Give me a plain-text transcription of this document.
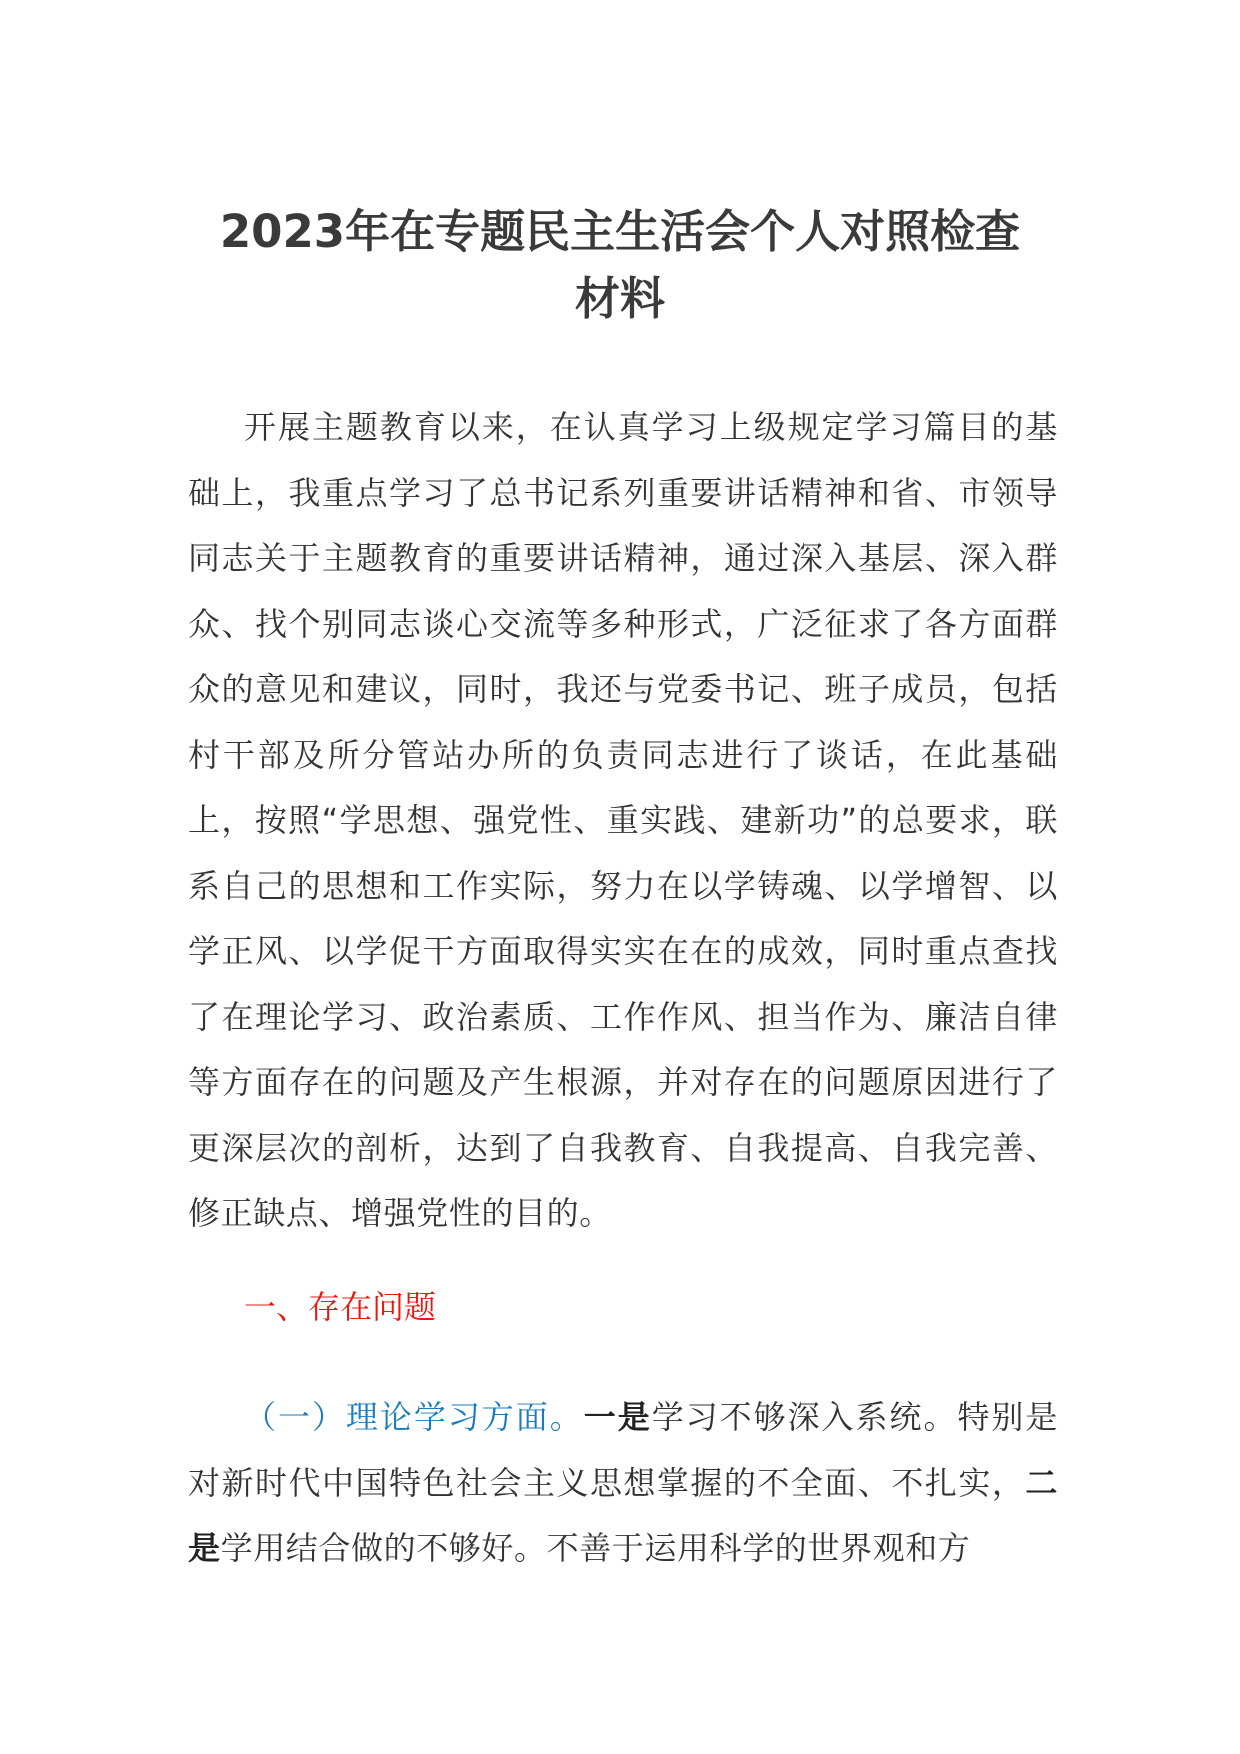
2023年在专题民主生活会个人对照检查
材料

开展主题教育以来，在认真学习上级规定学习篇目的基础上，我重点学习了总书记系列重要讲话精神和省、市领导同志关于主题教育的重要讲话精神，通过深入基层、深入群众、找个别同志谈心交流等多种形式，广泛征求了各方面群众的意见和建议，同时，我还与党委书记、班子成员，包括村干部及所分管站办所的负责同志进行了谈话，在此基础上，按照“学思想、强党性、重实践、建新功”的总要求，联系自己的思想和工作实际，努力在以学铸魂、以学增智、以学正风、以学促干方面取得实实在在的成效，同时重点查找了在理论学习、政治素质、工作作风、担当作为、廉洁自律等方面存在的问题及产生根源，并对存在的问题原因进行了更深层次的剖析，达到了自我教育、自我提高、自我完善、修正缺点、增强党性的目的。

一、存在问题

（一）理论学习方面。一是学习不够深入系统。特别是对新时代中国特色社会主义思想掌握的不全面、不扎实，二是学用结合做的不够好。不善于运用科学的世界观和方
